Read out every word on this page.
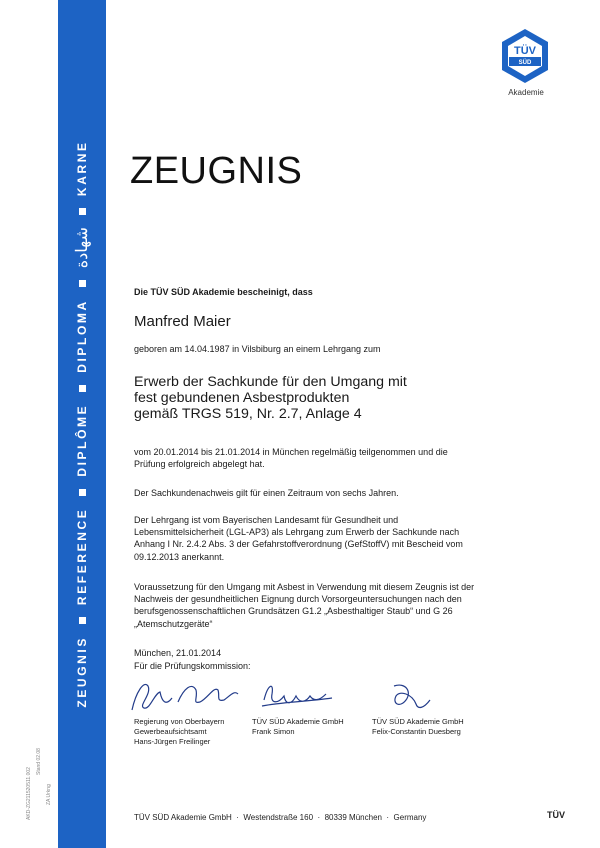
ZEUGNIS
REFERENCE
DIPLÔME
DIPLOMA
شهادة
KARNE
AKD-ZG211520511.002
Stand 02.08
ZA Urkng
TÜV
SÜD
Akademie
ZEUGNIS
Die TÜV SÜD Akademie bescheinigt, dass
Manfred Maier
geboren am 14.04.1987 in Vilsbiburg an einem Lehrgang zum
Erwerb der Sachkunde für den Umgang mit
fest gebundenen Asbestprodukten
gemäß TRGS 519, Nr. 2.7, Anlage 4
vom 20.01.2014 bis 21.01.2014 in München regelmäßig teilgenommen und die Prüfung erfolgreich abgelegt hat.
Der Sachkundenachweis gilt für einen Zeitraum von sechs Jahren.
Der Lehrgang ist vom Bayerischen Landesamt für Gesundheit und Lebensmittelsicherheit (LGL-AP3) als Lehrgang zum Erwerb der Sachkunde nach Anhang I Nr. 2.4.2 Abs. 3 der Gefahrstoffverordnung (GefStoffV) mit Bescheid vom 09.12.2013 anerkannt.
Voraussetzung für den Umgang mit Asbest in Verwendung mit diesem Zeugnis ist der Nachweis der gesundheitlichen Eignung durch Vorsorgeuntersuchungen nach den berufsgenossenschaftlichen Grundsätzen G1.2 „Asbesthaltiger Staub“ und G 26 „Atemschutzgeräte“
München, 21.01.2014
Für die Prüfungskommission:
Regierung von Oberbayern
Gewerbeaufsichtsamt
Hans-Jürgen Freilinger
TÜV SÜD Akademie GmbH
Frank Simon
TÜV SÜD Akademie GmbH
Felix-Constantin Duesberg
TÜV SÜD Akademie GmbH  ·  Westendstraße 160  ·  80339 München  ·  Germany	TÜV
